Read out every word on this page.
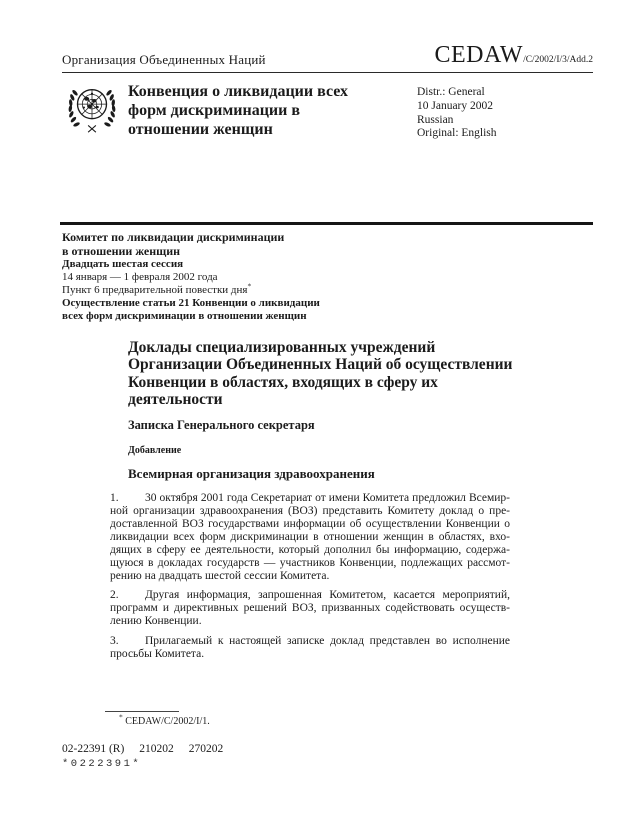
Организация Объединенных Наций	CEDAW/C/2002/I/3/Add.2
Конвенция о ликвидации всех
форм дискриминации в
отношении женщин
Distr.: General
10 January 2002
Russian
Original: English
Комитет по ликвидации дискриминации
в отношении женщин
Двадцать шестая сессия
14 января — 1 февраля 2002 года
Пункт 6 предварительной повестки дня*
Осуществление статьи 21 Конвенции о ликвидации
всех форм дискриминации в отношении женщин
Доклады специализированных учреждений
Организации Объединенных Наций об осуществлении
Конвенции в областях, входящих в сферу их
деятельности
Записка Генерального секретаря
Добавление
Всемирная организация здравоохранения
1. 30 октября 2001 года Секретариат от имени Комитета предложил Всемир-
ной организации здравоохранения (ВОЗ) представить Комитету доклад о пре-
доставленной ВОЗ государствами информации об осуществлении Конвенции о
ликвидации всех форм дискриминации в отношении женщин в областях, вхо-
дящих в сферу ее деятельности, который дополнил бы информацию, содержа-
щуюся в докладах государств — участников Конвенции, подлежащих рассмот-
рению на двадцать шестой сессии Комитета.
2. Другая информация, запрошенная Комитетом, касается мероприятий,
программ и директивных решений ВОЗ, призванных содействовать осуществ-
лению Конвенции.
3. Прилагаемый к настоящей записке доклад представлен во исполнение
просьбы Комитета.
* CEDAW/C/2002/I/1.
02-22391 (R) 210202 270202
*0222391*
